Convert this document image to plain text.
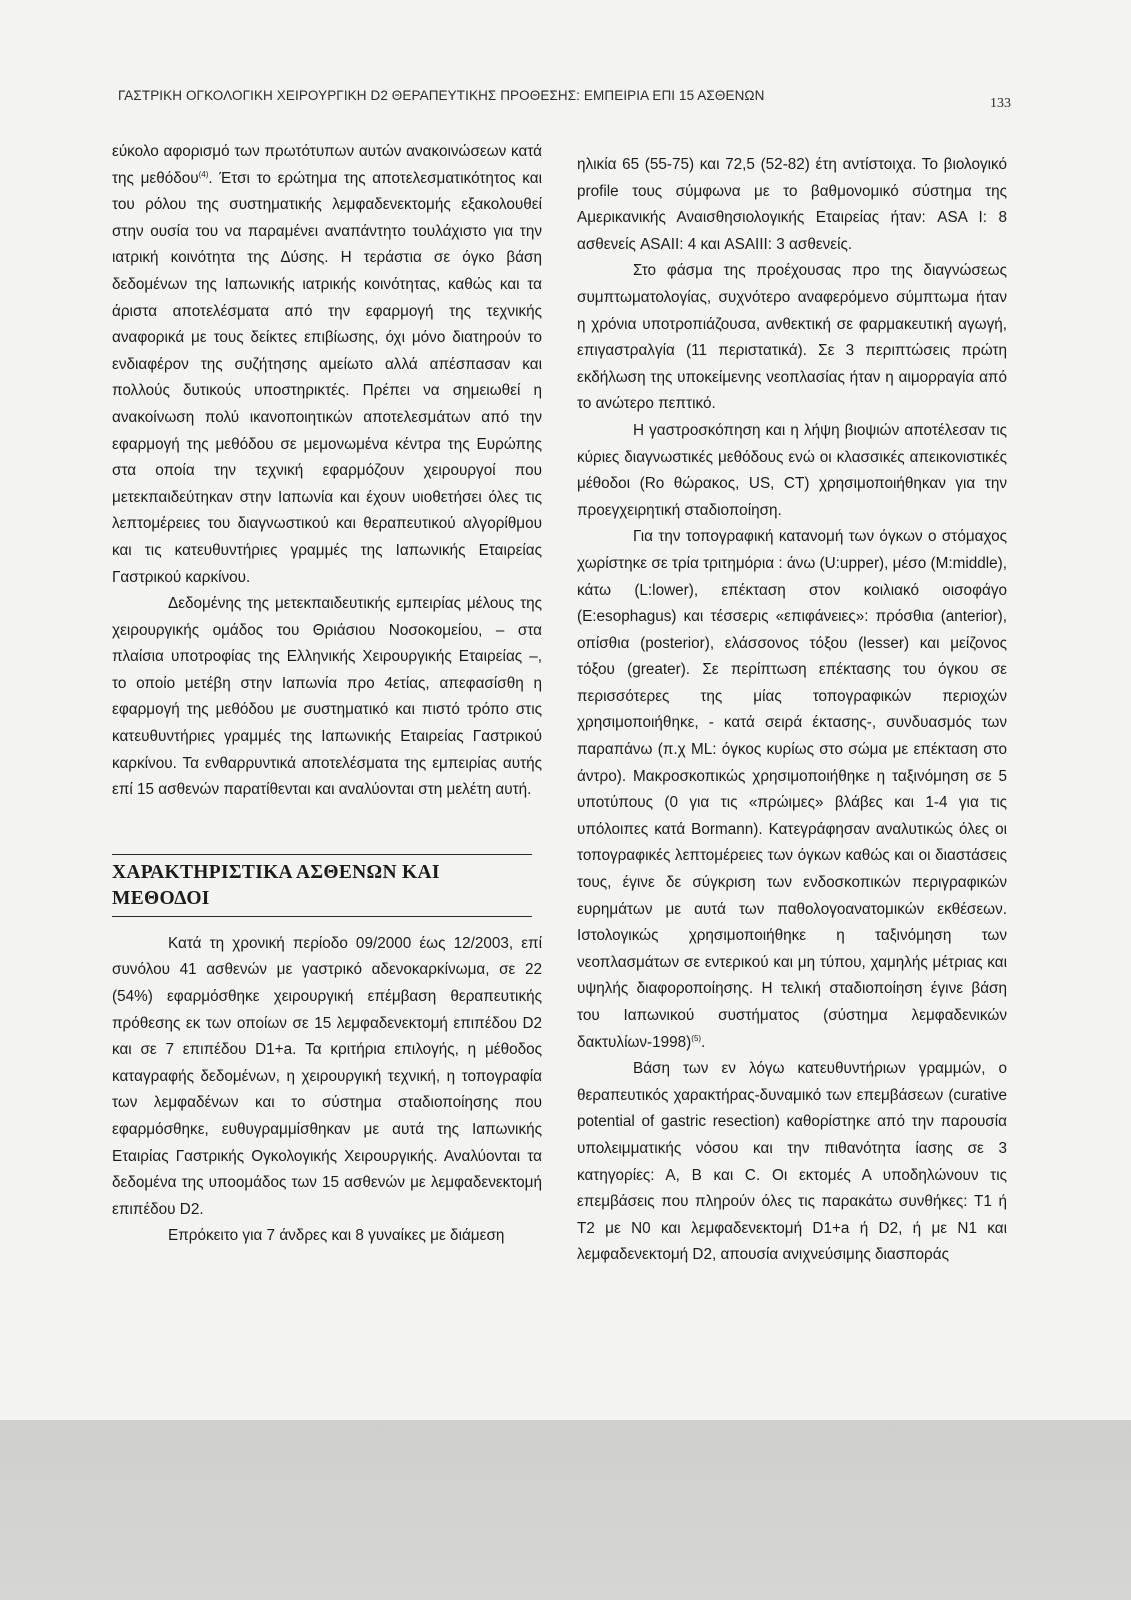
ΓΑΣΤΡΙΚΗ ΟΓΚΟΛΟΓΙΚΗ ΧΕΙΡΟΥΡΓΙΚΗ D2 ΘΕΡΑΠΕΥΤΙΚΗΣ ΠΡΟΘΕΣΗΣ: ΕΜΠΕΙΡΙΑ ΕΠΙ 15 ΑΣΘΕΝΩΝ
133

εύκολο αφορισμό των πρωτότυπων αυτών ανακοινώσεων κατά της μεθόδου$^{(4)}$. Έτσι το ερώτημα της αποτελεσματικότητος και του ρόλου της συστηματικής λεμφαδενεκτομής εξακολουθεί στην ουσία του να παραμένει αναπάντητο τουλάχιστο για την ιατρική κοινότητα της Δύσης. Η τεράστια σε όγκο βάση δεδομένων της Ιαπωνικής ιατρικής κοινότητας, καθώς και τα άριστα αποτελέσματα από την εφαρμογή της τεχνικής αναφορικά με τους δείκτες επιβίωσης, όχι μόνο διατηρούν το ενδιαφέρον της συζήτησης αμείωτο αλλά απέσπασαν και πολλούς δυτικούς υποστηρικτές. Πρέπει να σημειωθεί η ανακοίνωση πολύ ικανοποιητικών αποτελεσμάτων από την εφαρμογή της μεθόδου σε μεμονωμένα κέντρα της Ευρώπης στα οποία την τεχνική εφαρμόζουν χειρουργοί που μετεκπαιδεύτηκαν στην Ιαπωνία και έχουν υιοθετήσει όλες τις λεπτομέρειες του διαγνωστικού και θεραπευτικού αλγορίθμου και τις κατευθυντήριες γραμμές της Ιαπωνικής Εταιρείας Γαστρικού καρκίνου.

Δεδομένης της μετεκπαιδευτικής εμπειρίας μέλους της χειρουργικής ομάδος του Θριάσιου Νοσοκομείου, – στα πλαίσια υποτροφίας της Ελληνικής Χειρουργικής Εταιρείας –, το οποίο μετέβη στην Ιαπωνία προ 4ετίας, απεφασίσθη η εφαρμογή της μεθόδου με συστηματικό και πιστό τρόπο στις κατευθυντήριες γραμμές της Ιαπωνικής Εταιρείας Γαστρικού καρκίνου. Τα ενθαρρυντικά αποτελέσματα της εμπειρίας αυτής επί 15 ασθενών παρατίθενται και αναλύονται στη μελέτη αυτή.

ΧΑΡΑΚΤΗΡΙΣΤΙΚΑ ΑΣΘΕΝΩΝ ΚΑΙ ΜΕΘΟΔΟΙ

Κατά τη χρονική περίοδο 09/2000 έως 12/2003, επί συνόλου 41 ασθενών με γαστρικό αδενοκαρκίνωμα, σε 22 (54%) εφαρμόσθηκε χειρουργική επέμβαση θεραπευτικής πρόθεσης εκ των οποίων σε 15 λεμφαδενεκτομή επιπέδου D2 και σε 7 επιπέδου D1+a. Τα κριτήρια επιλογής, η μέθοδος καταγραφής δεδομένων, η χειρουργική τεχνική, η τοπογραφία των λεμφαδένων και το σύστημα σταδιοποίησης που εφαρμόσθηκε, ευθυγραμμίσθηκαν με αυτά της Ιαπωνικής Εταιρίας Γαστρικής Ογκολογικής Χειρουργικής. Αναλύονται τα δεδομένα της υποομάδος των 15 ασθενών με λεμφαδενεκτομή επιπέδου D2.

Επρόκειτο για 7 άνδρες και 8 γυναίκες με διάμεση

ηλικία 65 (55-75) και 72,5 (52-82) έτη αντίστοιχα. Το βιολογικό profile τους σύμφωνα με το βαθμονομικό σύστημα της Αμερικανικής Αναισθησιολογικής Εταιρείας ήταν: ASA I: 8 ασθενείς ASAII: 4 και ASAIII: 3 ασθενείς.

Στο φάσμα της προέχουσας προ της διαγνώσεως συμπτωματολογίας, συχνότερο αναφερόμενο σύμπτωμα ήταν η χρόνια υποτροπιάζουσα, ανθεκτική σε φαρμακευτική αγωγή, επιγαστραλγία (11 περιστατικά). Σε 3 περιπτώσεις πρώτη εκδήλωση της υποκείμενης νεοπλασίας ήταν η αιμορραγία από το ανώτερο πεπτικό.

Η γαστροσκόπηση και η λήψη βιοψιών αποτέλεσαν τις κύριες διαγνωστικές μεθόδους ενώ οι κλασσικές απεικονιστικές μέθοδοι (Ro θώρακος, US, CT) χρησιμοποιήθηκαν για την προεγχειρητική σταδιοποίηση.

Για την τοπογραφική κατανομή των όγκων ο στόμαχος χωρίστηκε σε τρία τριτημόρια : άνω (U:upper), μέσο (M:middle), κάτω (L:lower), επέκταση στον κοιλιακό οισοφάγο (E:esophagus) και τέσσερις «επιφάνειες»: πρόσθια (anterior), οπίσθια (posterior), ελάσσονος τόξου (lesser) και μείζονος τόξου (greater). Σε περίπτωση επέκτασης του όγκου σε περισσότερες της μίας τοπογραφικών περιοχών χρησιμοποιήθηκε, - κατά σειρά έκτασης-, συνδυασμός των παραπάνω (π.χ ML: όγκος κυρίως στο σώμα με επέκταση στο άντρο). Μακροσκοπικώς χρησιμοποιήθηκε η ταξινόμηση σε 5 υποτύπους (0 για τις «πρώιμες» βλάβες και 1-4 για τις υπόλοιπες κατά Bormann). Κατεγράφησαν αναλυτικώς όλες οι τοπογραφικές λεπτομέρειες των όγκων καθώς και οι διαστάσεις τους, έγινε δε σύγκριση των ενδοσκοπικών περιγραφικών ευρημάτων με αυτά των παθολογοανατομικών εκθέσεων. Ιστολογικώς χρησιμοποιήθηκε η ταξινόμηση των νεοπλασμάτων σε εντερικού και μη τύπου, χαμηλής μέτριας και υψηλής διαφοροποίησης. Η τελική σταδιοποίηση έγινε βάση του Ιαπωνικού συστήματος (σύστημα λεμφαδενικών δακτυλίων-1998)$^{(5)}$.

Βάση των εν λόγω κατευθυντήριων γραμμών, ο θεραπευτικός χαρακτήρας-δυναμικό των επεμβάσεων (curative potential of gastric resection) καθορίστηκε από την παρουσία υπολειμματικής νόσου και την πιθανότητα ίασης σε 3 κατηγορίες: Α, Β και C. Οι εκτομές Α υποδηλώνουν τις επεμβάσεις που πληρούν όλες τις παρακάτω συνθήκες: T1 ή T2 με N0 και λεμφαδενεκτομή D1+a ή D2, ή με N1 και λεμφαδενεκτομή D2, απουσία ανιχνεύσιμης διασποράς
